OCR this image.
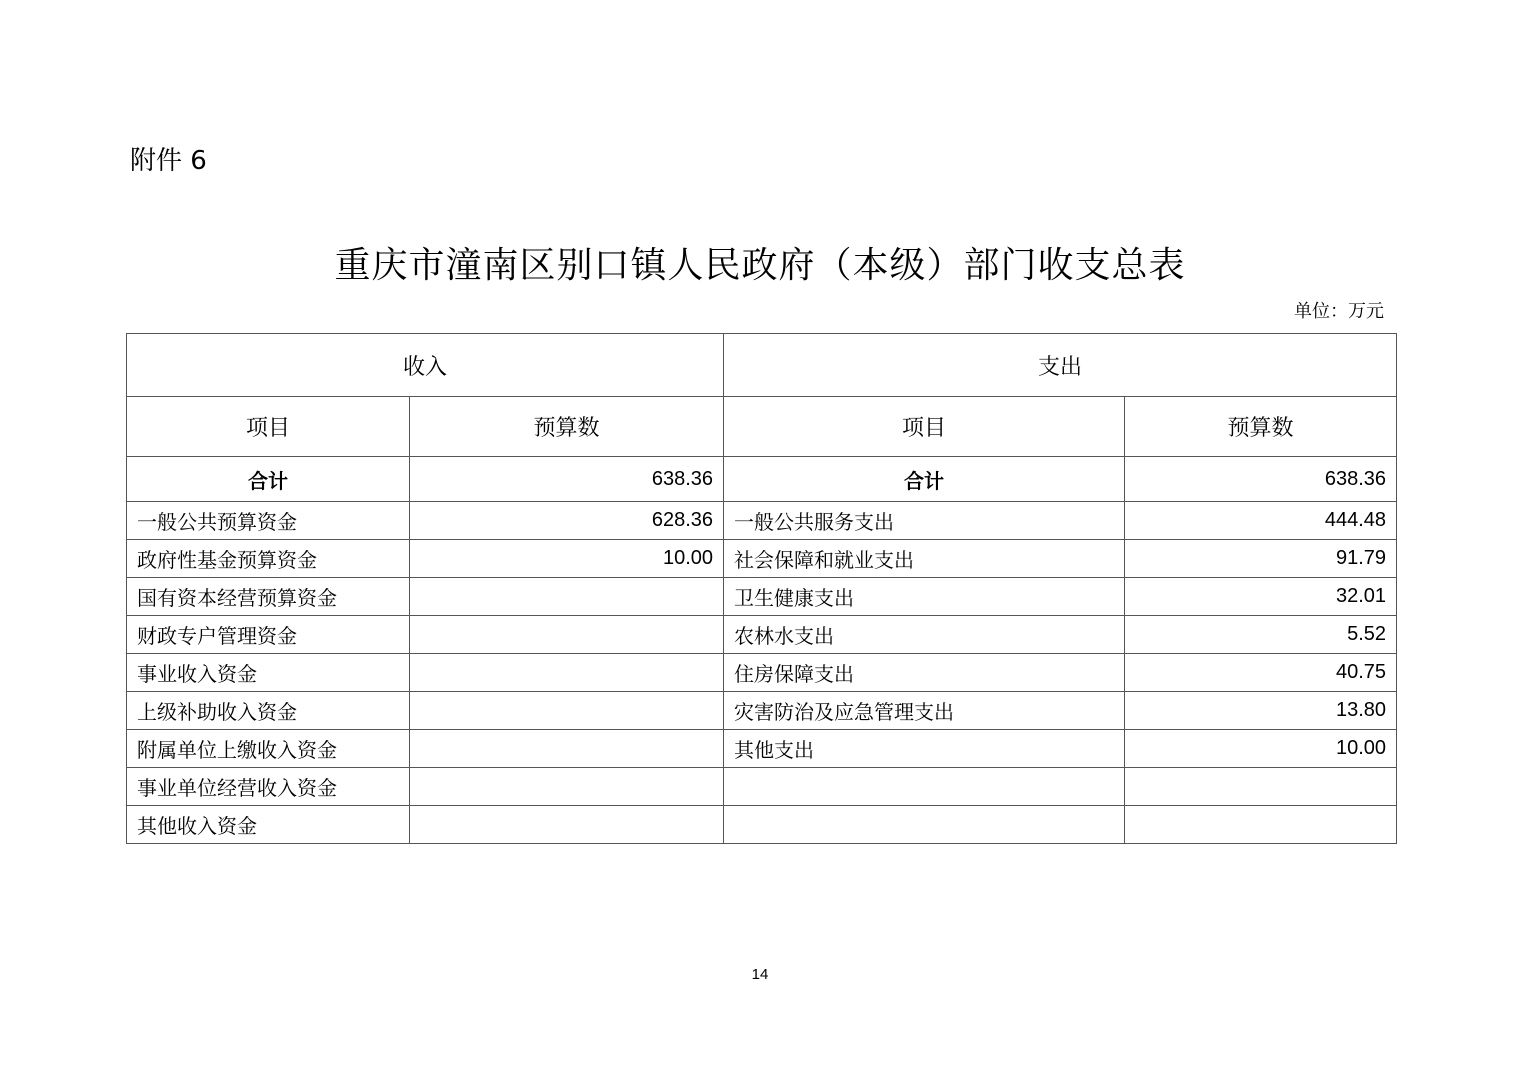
附件 6
重庆市潼南区别口镇人民政府（本级）部门收支总表
单位：万元
收入		支出	
项目	预算数	项目	预算数
合计	638.36	合计	638.36
一般公共预算资金	628.36	一般公共服务支出	444.48
政府性基金预算资金	10.00	社会保障和就业支出	91.79
国有资本经营预算资金		卫生健康支出	32.01
财政专户管理资金		农林水支出	5.52
事业收入资金		住房保障支出	40.75
上级补助收入资金		灾害防治及应急管理支出	13.80
附属单位上缴收入资金		其他支出	10.00
事业单位经营收入资金			
其他收入资金			
14
